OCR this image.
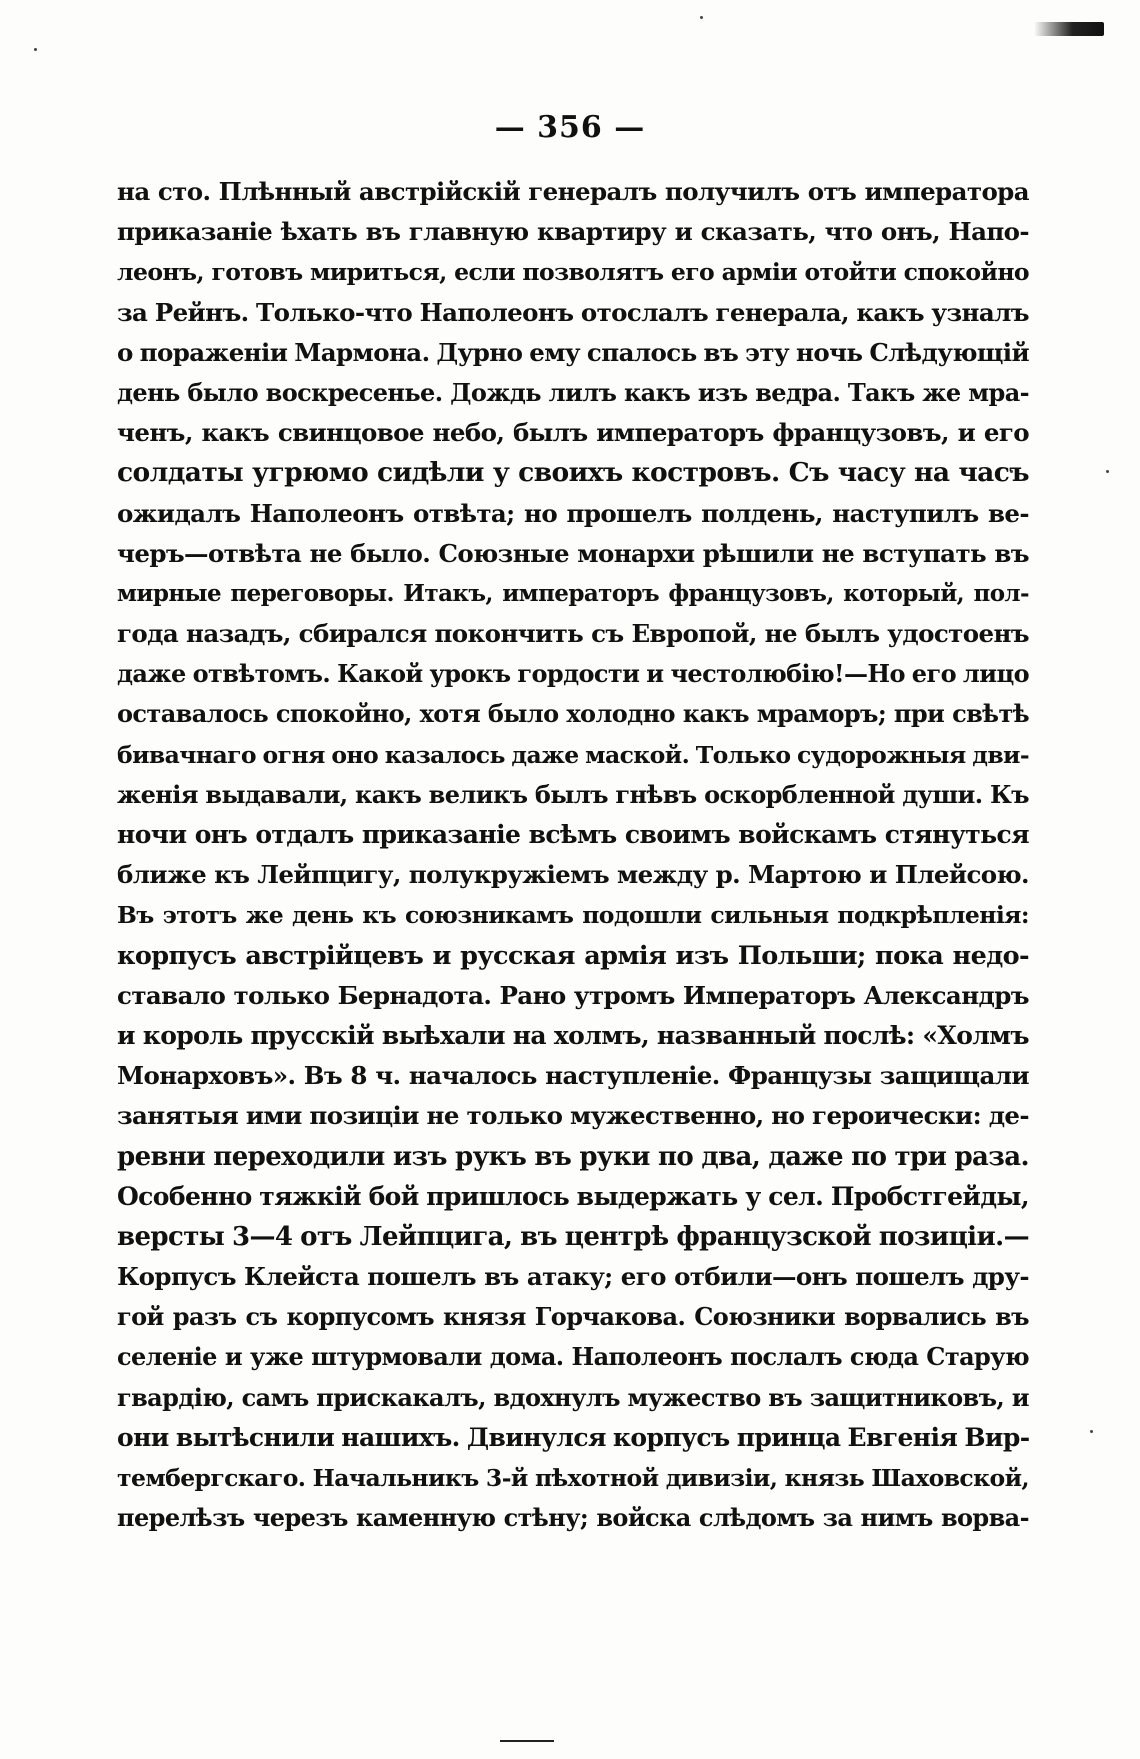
— 356 —
на сто. Плѣнный австрійскій генералъ получилъ отъ императора
приказаніе ѣхать въ главную квартиру и сказать, что онъ, Напо-
леонъ, готовъ мириться, если позволятъ его арміи отойти спокойно
за Рейнъ. Только-что Наполеонъ отослалъ генерала, какъ узналъ
о пораженіи Мармона. Дурно ему спалось въ эту ночь Слѣдующій
день было воскресенье. Дождь лилъ какъ изъ ведра. Такъ же мра-
ченъ, какъ свинцовое небо, былъ императоръ французовъ, и его
солдаты угрюмо сидѣли у своихъ костровъ. Съ часу на часъ
ожидалъ Наполеонъ отвѣта; но прошелъ полдень, наступилъ ве-
черъ—отвѣта не было. Союзные монархи рѣшили не вступать въ
мирные переговоры. Итакъ, императоръ французовъ, который, пол-
года назадъ, сбирался покончить съ Европой, не былъ удостоенъ
даже отвѣтомъ. Какой урокъ гордости и честолюбію!—Но его лицо
оставалось спокойно, хотя было холодно какъ мраморъ; при свѣтѣ
бивачнаго огня оно казалось даже маской. Только судорожныя дви-
женія выдавали, какъ великъ былъ гнѣвъ оскорбленной души. Къ
ночи онъ отдалъ приказаніе всѣмъ своимъ войскамъ стянуться
ближе къ Лейпцигу, полукружіемъ между р. Мартою и Плейсою.
Въ этотъ же день къ союзникамъ подошли сильныя подкрѣпленія:
корпусъ австрійцевъ и русская армія изъ Польши; пока недо-
ставало только Бернадота. Рано утромъ Императоръ Александръ
и король прусскій выѣхали на холмъ, названный послѣ: «Холмъ
Монарховъ». Въ 8 ч. началось наступленіе. Французы защищали
занятыя ими позиціи не только мужественно, но героически: де-
ревни переходили изъ рукъ въ руки по два, даже по три раза.
Особенно тяжкій бой пришлось выдержать у сел. Пробстгейды,
версты 3—4 отъ Лейпцига, въ центрѣ французской позиціи.—
Корпусъ Клейста пошелъ въ атаку; его отбили—онъ пошелъ дру-
гой разъ съ корпусомъ князя Горчакова. Союзники ворвались въ
селеніе и уже штурмовали дома. Наполеонъ послалъ сюда Старую
гвардію, самъ прискакалъ, вдохнулъ мужество въ защитниковъ, и
они вытѣснили нашихъ. Двинулся корпусъ принца Евгенія Вир-
тембергскаго. Начальникъ 3-й пѣхотной дивизіи, князь Шаховской,
перелѣзъ черезъ каменную стѣну; войска слѣдомъ за нимъ ворва-
